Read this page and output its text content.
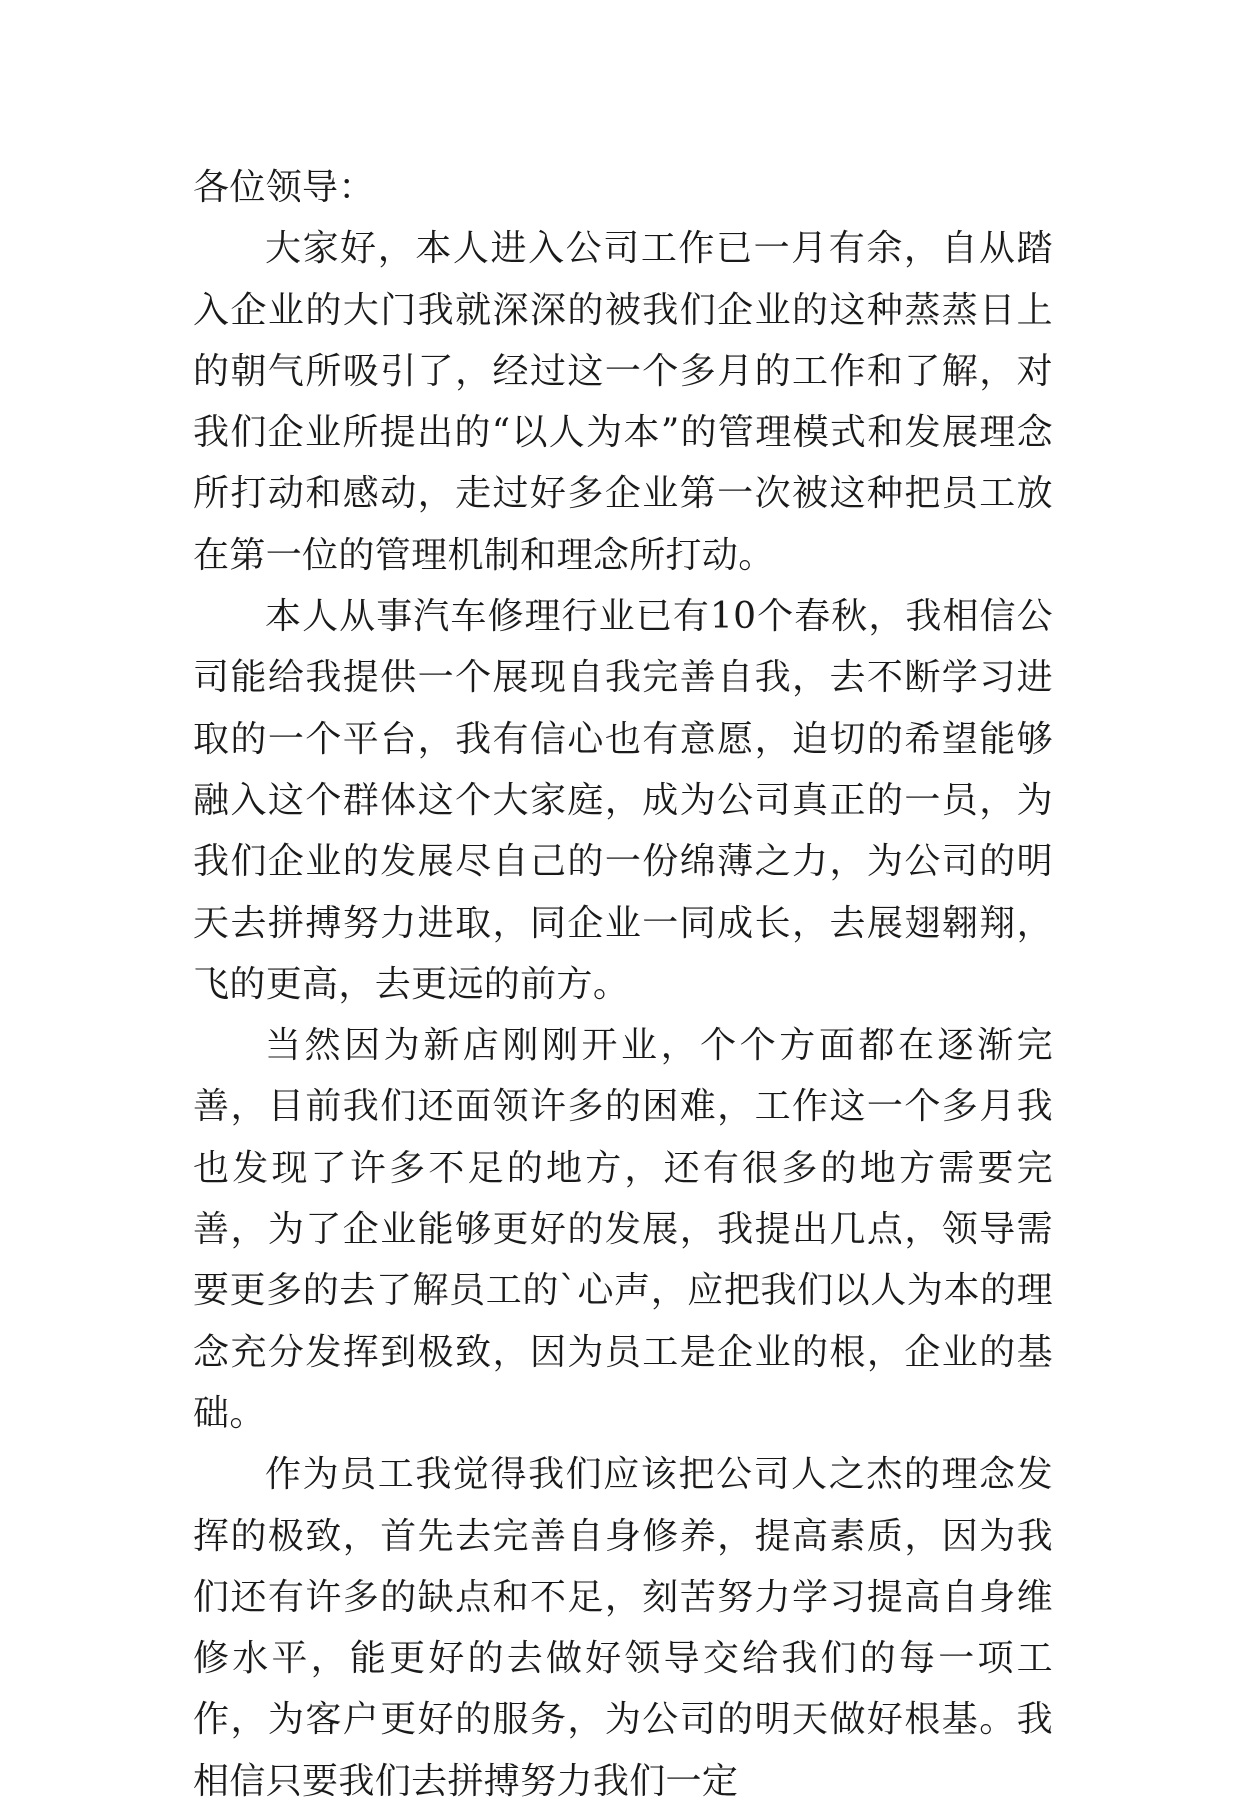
各位领导：

大家好，本人进入公司工作已一月有余，自从踏入企业的大门我就深深的被我们企业的这种蒸蒸日上的朝气所吸引了，经过这一个多月的工作和了解，对我们企业所提出的“以人为本”的管理模式和发展理念所打动和感动，走过好多企业第一次被这种把员工放在第一位的管理机制和理念所打动。

本人从事汽车修理行业已有10个春秋，我相信公司能给我提供一个展现自我完善自我，去不断学习进取的一个平台，我有信心也有意愿，迫切的希望能够融入这个群体这个大家庭，成为公司真正的一员，为我们企业的发展尽自己的一份绵薄之力，为公司的明天去拼搏努力进取，同企业一同成长，去展翅翱翔，飞的更高，去更远的前方。

当然因为新店刚刚开业，个个方面都在逐渐完善，目前我们还面领许多的困难，工作这一个多月我也发现了许多不足的地方，还有很多的地方需要完善，为了企业能够更好的发展，我提出几点，领导需要更多的去了解员工的`心声，应把我们以人为本的理念充分发挥到极致，因为员工是企业的根，企业的基础。

作为员工我觉得我们应该把公司人之杰的理念发挥的极致，首先去完善自身修养，提高素质，因为我们还有许多的缺点和不足，刻苦努力学习提高自身维修水平，能更好的去做好领导交给我们的每一项工作，为客户更好的服务，为公司的明天做好根基。我相信只要我们去拼搏努力我们一定
